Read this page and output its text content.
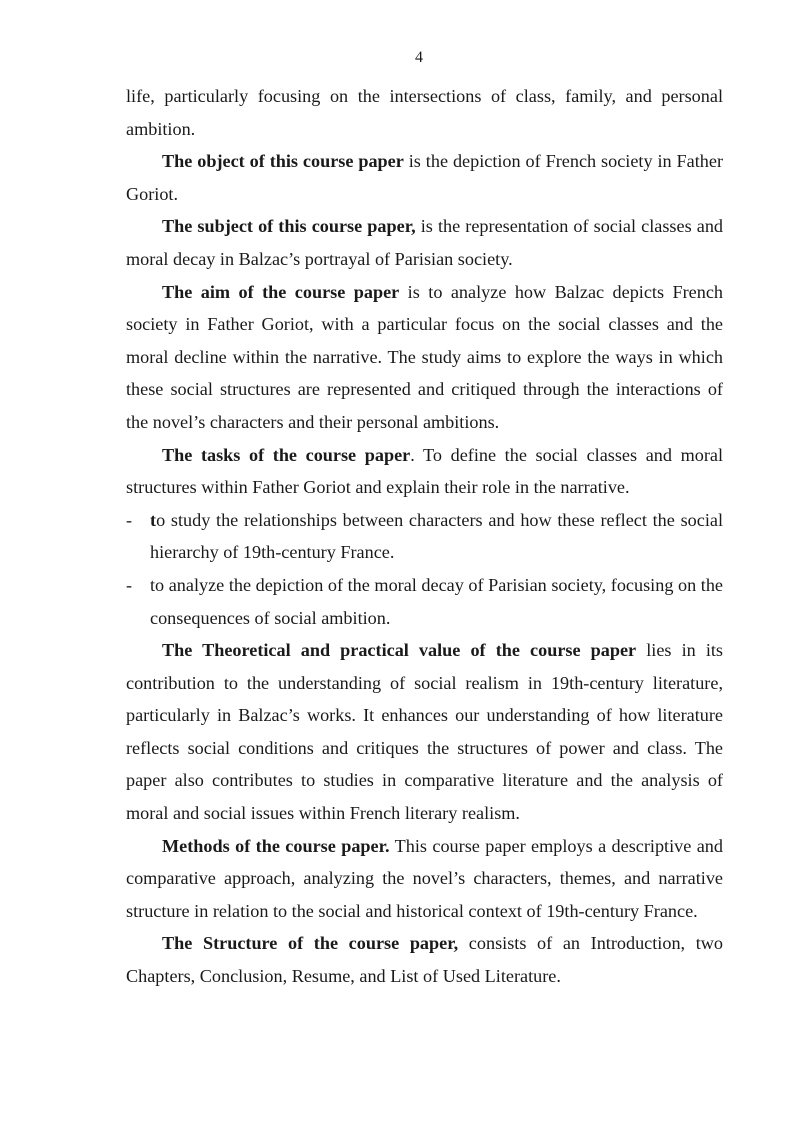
4

life, particularly focusing on the intersections of class, family, and personal ambition.

The object of this course paper is the depiction of French society in Father Goriot.

The subject of this course paper, is the representation of social classes and moral decay in Balzac’s portrayal of Parisian society.

The aim of the course paper is to analyze how Balzac depicts French society in Father Goriot, with a particular focus on the social classes and the moral decline within the narrative. The study aims to explore the ways in which these social structures are represented and critiqued through the interactions of the novel’s characters and their personal ambitions.

The tasks of the course paper. To define the social classes and moral structures within Father Goriot and explain their role in the narrative.

- to study the relationships between characters and how these reflect the social hierarchy of 19th-century France.

- to analyze the depiction of the moral decay of Parisian society, focusing on the consequences of social ambition.

The Theoretical and practical value of the course paper lies in its contribution to the understanding of social realism in 19th-century literature, particularly in Balzac’s works. It enhances our understanding of how literature reflects social conditions and critiques the structures of power and class. The paper also contributes to studies in comparative literature and the analysis of moral and social issues within French literary realism.

Methods of the course paper. This course paper employs a descriptive and comparative approach, analyzing the novel’s characters, themes, and narrative structure in relation to the social and historical context of 19th-century France.

The Structure of the course paper, consists of an Introduction, two Chapters, Conclusion, Resume, and List of Used Literature.
